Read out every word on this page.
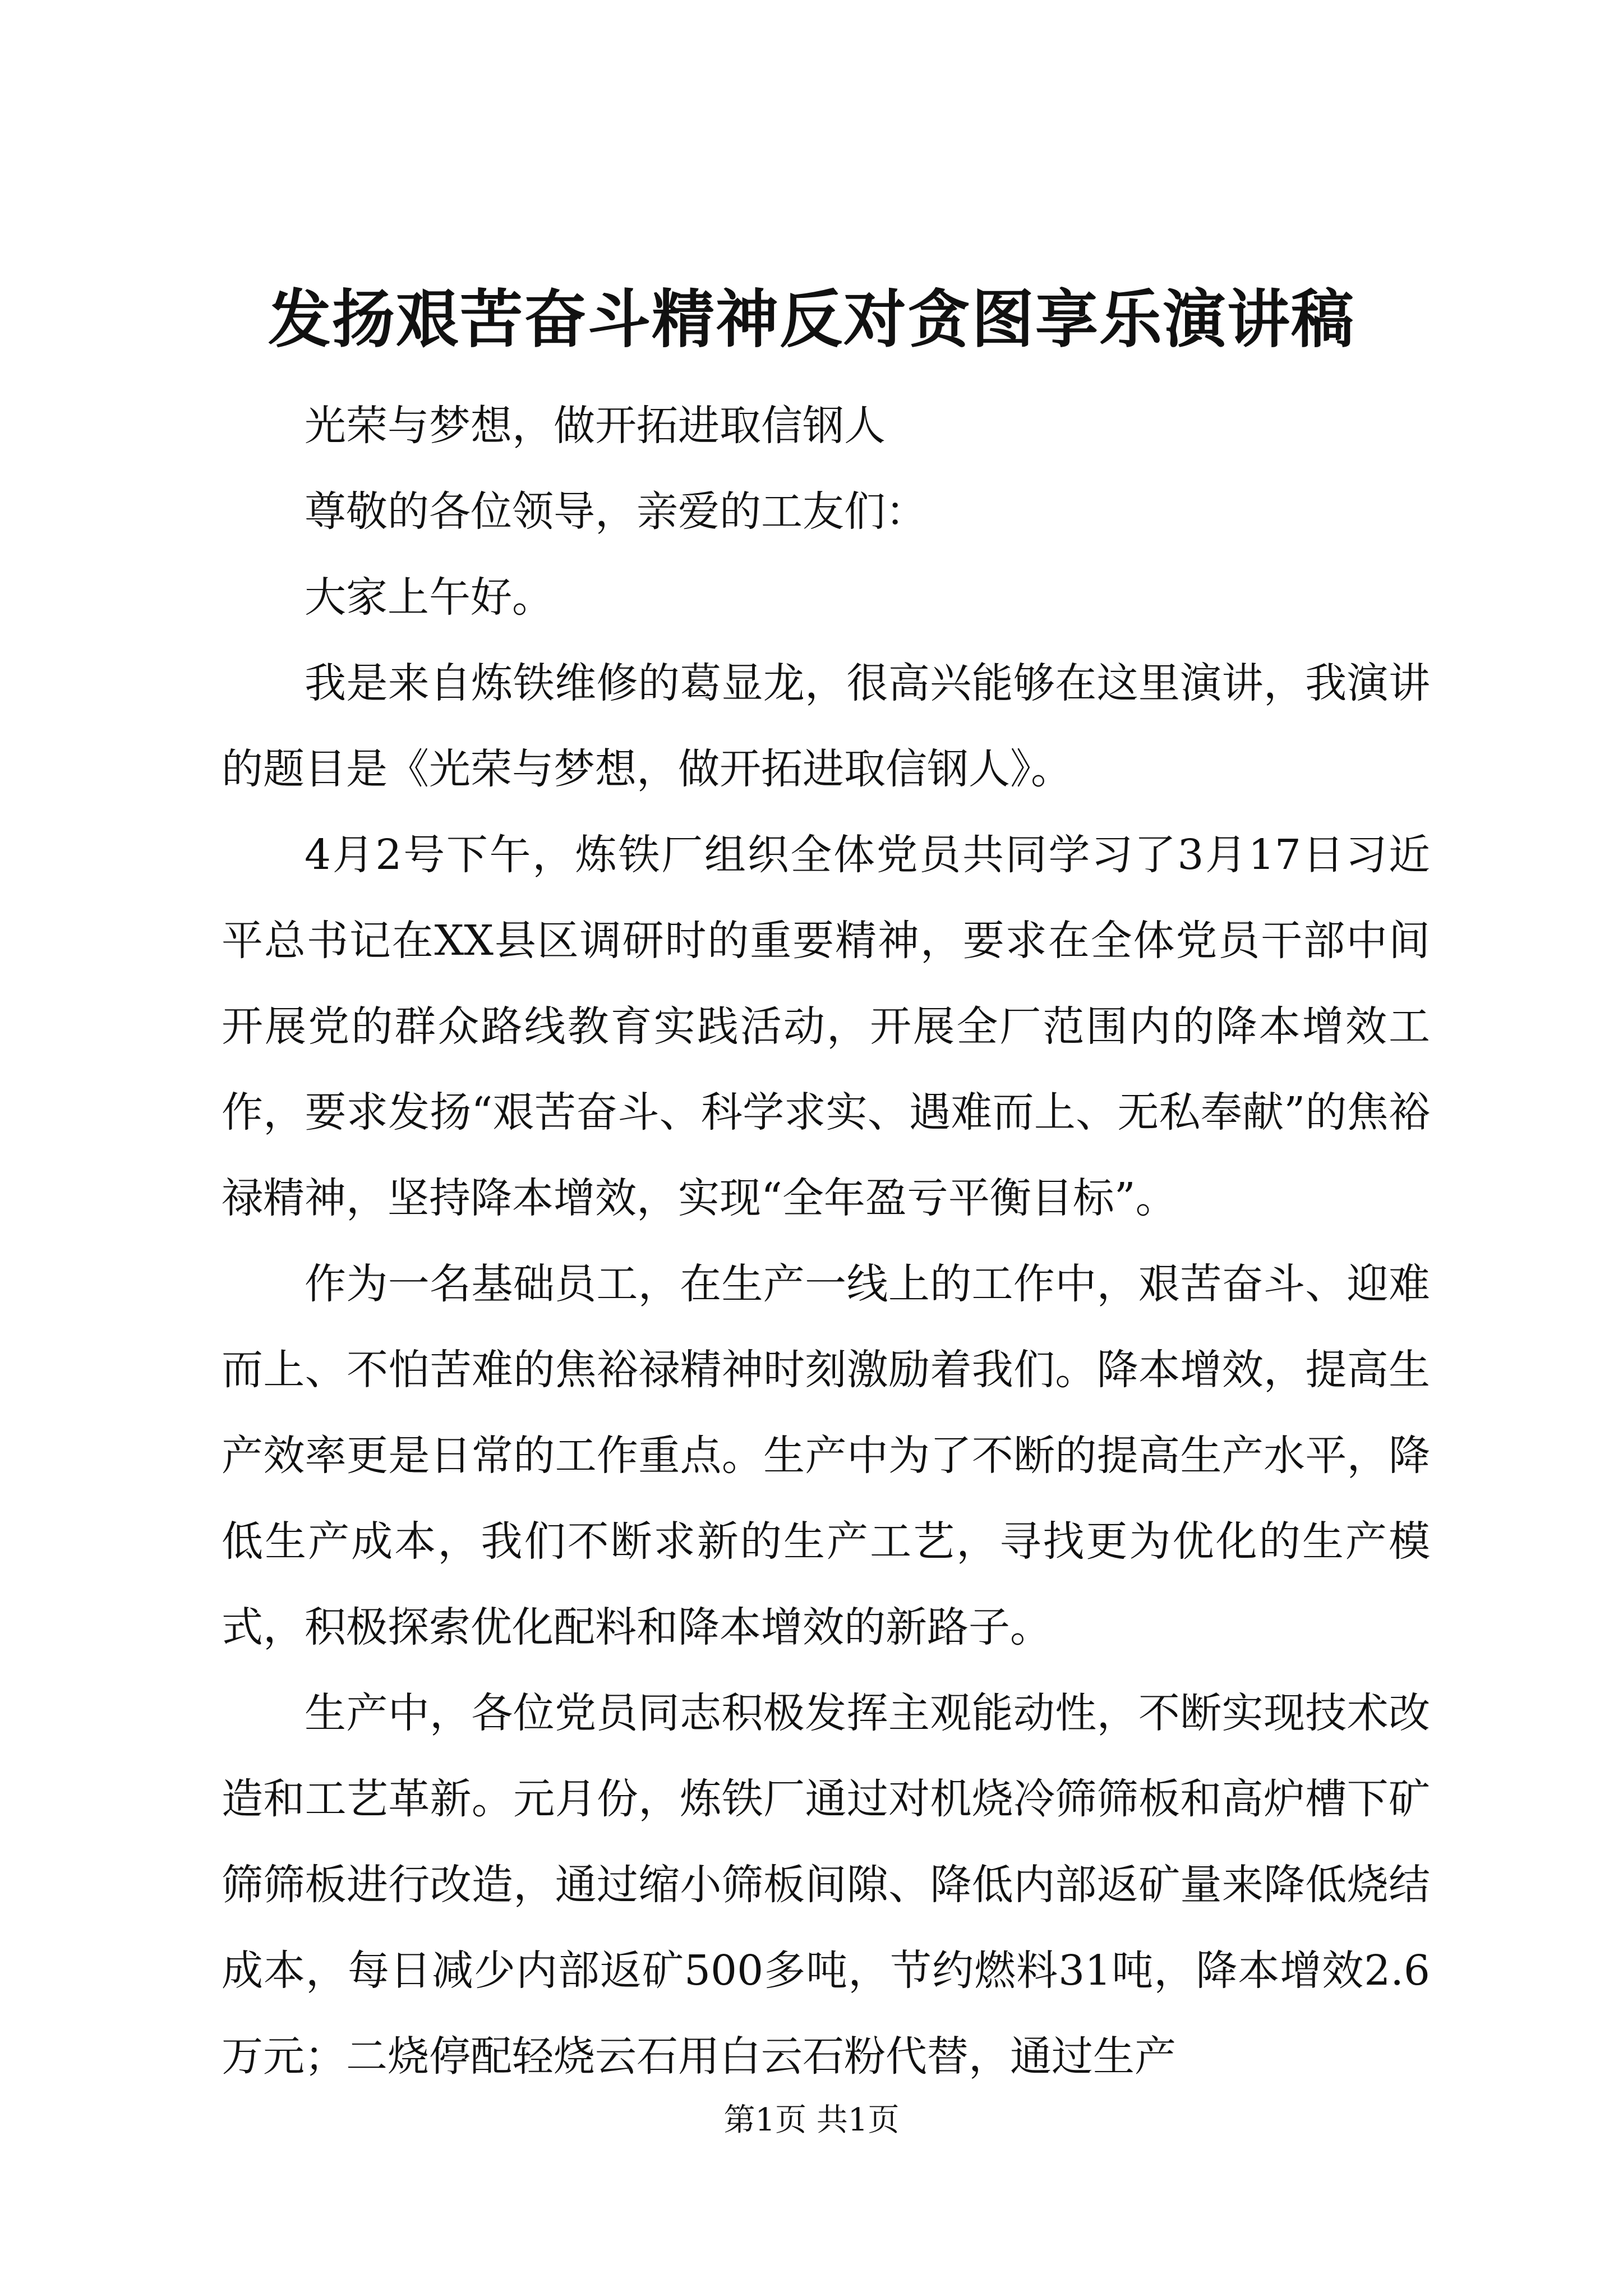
发扬艰苦奋斗精神反对贪图享乐演讲稿

光荣与梦想，做开拓进取信钢人

尊敬的各位领导，亲爱的工友们：

大家上午好。

我是来自炼铁维修的葛显龙，很高兴能够在这里演讲，我演讲的题目是《光荣与梦想，做开拓进取信钢人》。

4月2号下午，炼铁厂组织全体党员共同学习了3月17日习近平总书记在XX县区调研时的重要精神，要求在全体党员干部中间开展党的群众路线教育实践活动，开展全厂范围内的降本增效工作，要求发扬“艰苦奋斗、科学求实、遇难而上、无私奉献”的焦裕禄精神，坚持降本增效，实现“全年盈亏平衡目标”。

作为一名基础员工，在生产一线上的工作中，艰苦奋斗、迎难而上、不怕苦难的焦裕禄精神时刻激励着我们。降本增效，提高生产效率更是日常的工作重点。生产中为了不断的提高生产水平，降低生产成本，我们不断求新的生产工艺，寻找更为优化的生产模式，积极探索优化配料和降本增效的新路子。

生产中，各位党员同志积极发挥主观能动性，不断实现技术改造和工艺革新。元月份，炼铁厂通过对机烧冷筛筛板和高炉槽下矿筛筛板进行改造，通过缩小筛板间隙、降低内部返矿量来降低烧结成本，每日减少内部返矿500多吨，节约燃料31吨，降本增效2.6万元；二烧停配轻烧云石用白云石粉代替，通过生产

第1页 共1页
